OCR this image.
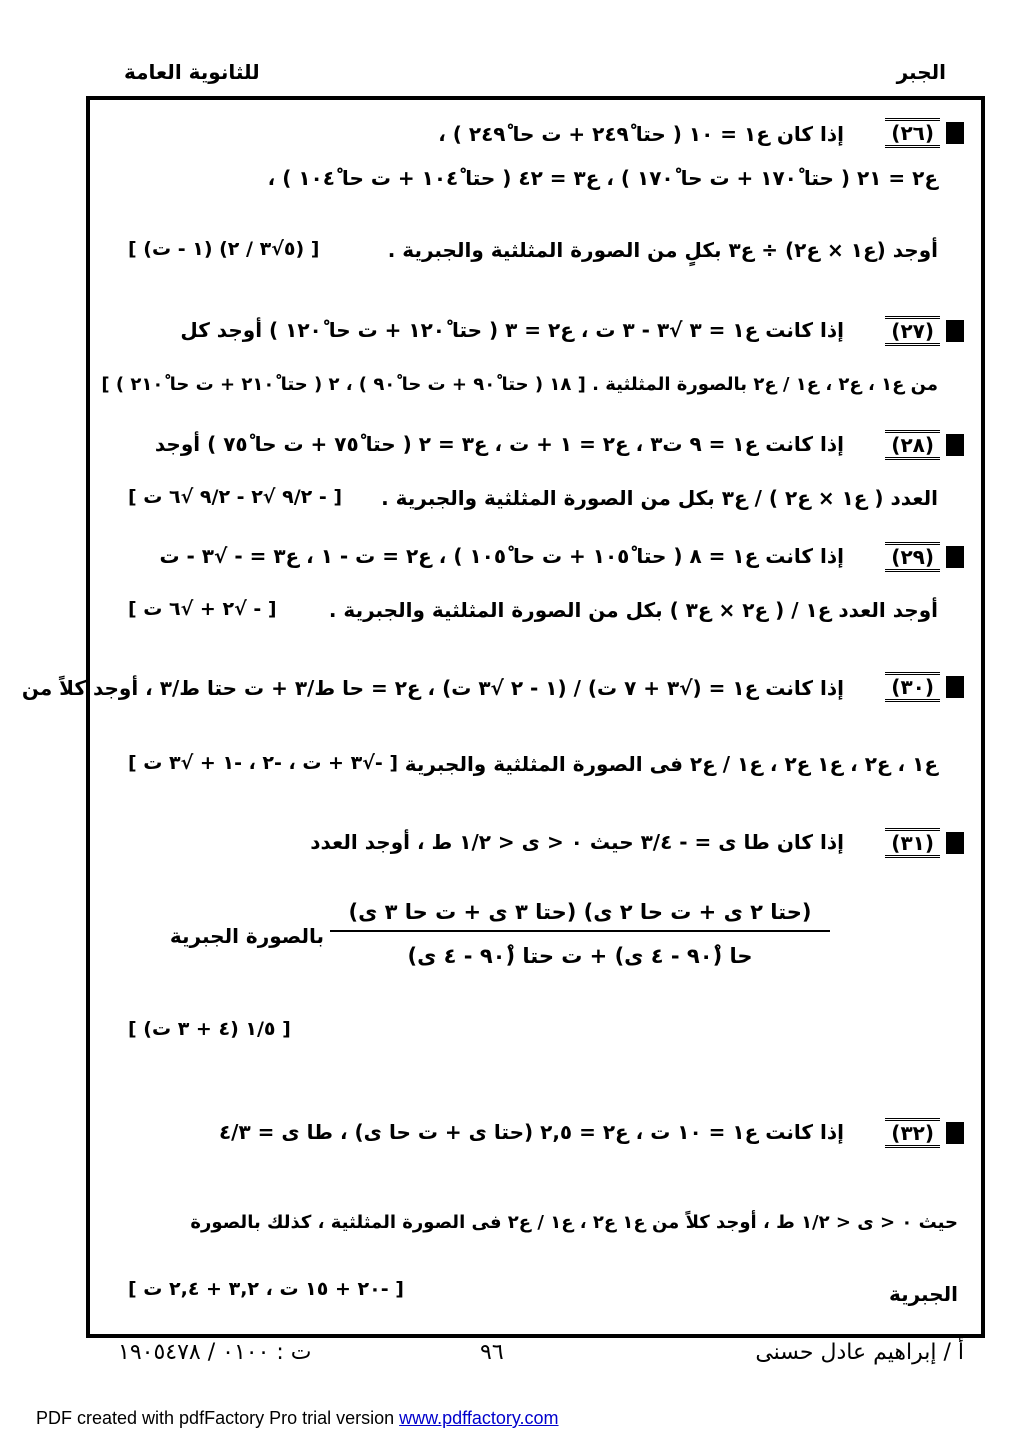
الجبر
للثانوية العامة
(٢٦)
إذا كان ع١ = ١٠ ( حتا ٢٤٩ْ + ت حا ٢٤٩ْ ) ،
ع٢ = ٢١ ( حتا ١٧٠ْ + ت حا ١٧٠ْ ) ، ع٣ = ٤٢ ( حتا ١٠٤ْ + ت حا ١٠٤ْ ) ،
أوجد (ع١ × ع٢) ÷ ع٣ بكلٍ من الصورة المثلثية والجبرية .
[ (٥√٣ / ٢) (١ - ت) ]
(٢٧)
إذا كانت ع١ = ٣ √٣ - ٣ ت ، ع٢ = ٣ ( حتا ١٢٠ْ + ت حا ١٢٠ْ ) أوجد كل
من ع١ ، ع٢ ، ع١ / ع٢ بالصورة المثلثية . [ ١٨ ( حتا ٩٠ْ + ت حا ٩٠ْ ) ، ٢ ( حتا ٢١٠ْ + ت حا ٢١٠ْ ) ]
(٢٨)
إذا كانت ع١ = ٩ ت٣ ، ع٢ = ١ + ت ، ع٣ = ٢ ( حتا ٧٥ْ + ت حا ٧٥ْ ) أوجد
العدد ( ع١ × ع٢ ) / ع٣ بكل من الصورة المثلثية والجبرية .
[ - ٩/٢ √٢ - ٩/٢ √٦ ت ]
(٢٩)
إذا كانت ع١ = ٨ ( حتا ١٠٥ْ + ت حا ١٠٥ْ ) ، ع٢ = ت - ١ ، ع٣ = - √٣ - ت
أوجد العدد ع١ / ( ع٢ × ع٣ ) بكل من الصورة المثلثية والجبرية .
[ - √٢ + √٦ ت ]
(٣٠)
إذا كانت ع١ = (√٣ + ٧ ت) / (١ - ٢ √٣ ت) ، ع٢ = حا ط/٣ + ت حتا ط/٣ ، أوجد كلاً من
ع١ ، ع٢ ، ع١ ع٢ ، ع١ / ع٢ فى الصورة المثلثية والجبرية
[ -√٣ + ت ، -٢ ، -١ + √٣ ت ]
(٣١)
إذا كان طا ى = - ٣/٤ حيث ٠ < ى < ١/٢ ط ، أوجد العدد
(حتا ٢ ى + ت حا ٢ ى) (حتا ٣ ى + ت حا ٣ ى)
حا (٩٠ْ - ٤ ى) + ت حتا (٩٠ْ - ٤ ى)
بالصورة الجبرية
[ ١/٥ (٤ + ٣ ت) ]
(٣٢)
إذا كانت ع١ = ١٠ ت ، ع٢ = ٢,٥ (حتا ى + ت حا ى) ، طا ى = ٤/٣
حيث ٠ < ى < ١/٢ ط ، أوجد كلاً من ع١ ع٢ ، ع١ / ع٢ فى الصورة المثلثية ، كذلك بالصورة
الجبرية
[ -٢٠ + ١٥ ت ، ٣,٢ + ٢,٤ ت ]
أ / إبراهيم عادل حسنى
٩٦
ت : ٠١٠٠ / ١٩٠٥٤٧٨
PDF created with pdfFactory Pro trial version www.pdffactory.com
